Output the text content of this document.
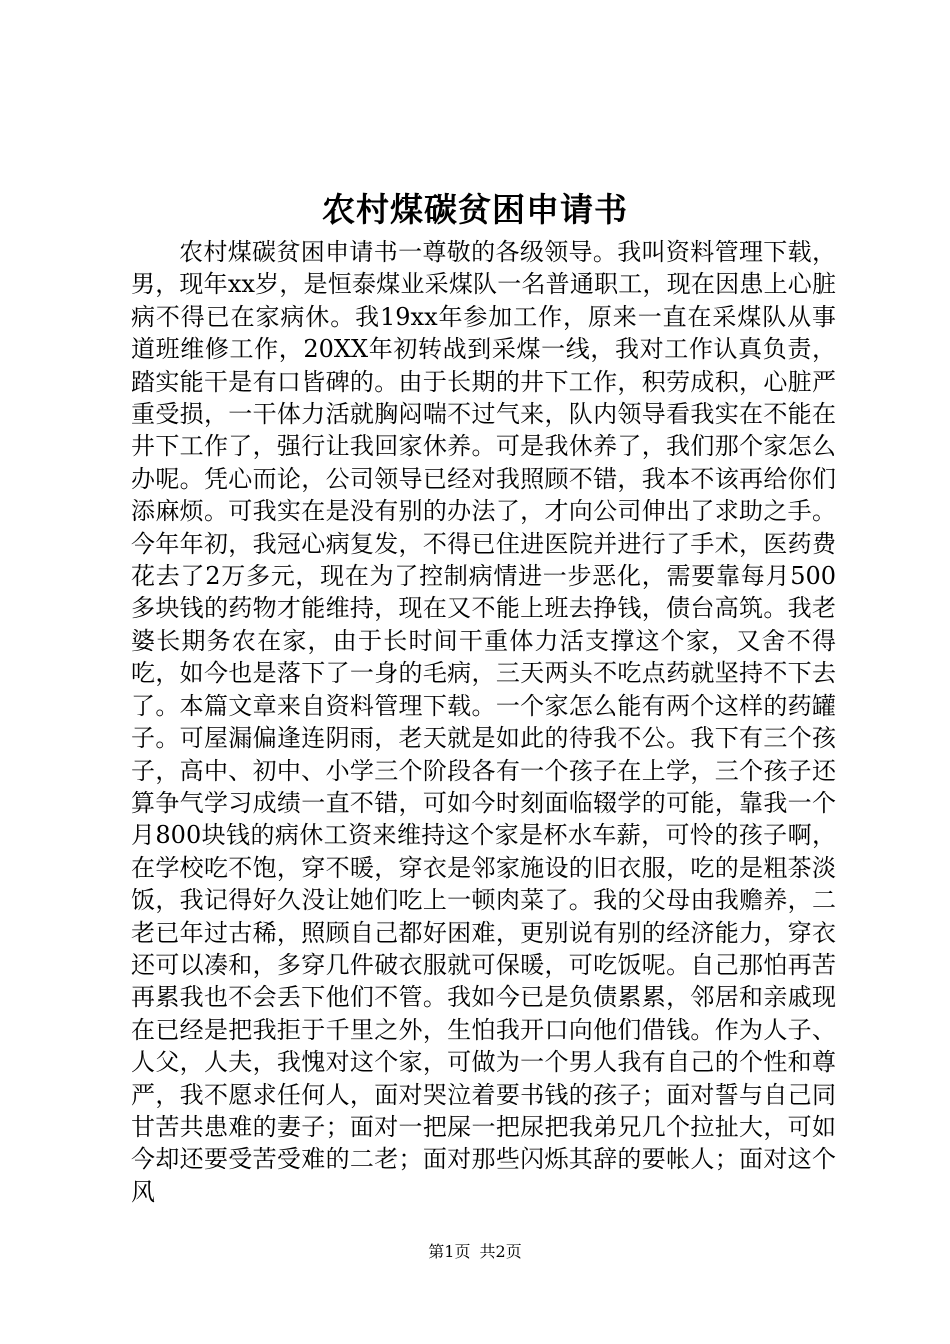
农村煤碳贫困申请书

农村煤碳贫困申请书一尊敬的各级领导。我叫资料管理下载，男，现年xx岁，是恒泰煤业采煤队一名普通职工，现在因患上心脏病不得已在家病休。我19xx年参加工作，原来一直在采煤队从事道班维修工作，20XX年初转战到采煤一线，我对工作认真负责，踏实能干是有口皆碑的。由于长期的井下工作，积劳成积，心脏严重受损，一干体力活就胸闷喘不过气来，队内领导看我实在不能在井下工作了，强行让我回家休养。可是我休养了，我们那个家怎么办呢。凭心而论，公司领导已经对我照顾不错，我本不该再给你们添麻烦。可我实在是没有别的办法了，才向公司伸出了求助之手。今年年初，我冠心病复发，不得已住进医院并进行了手术，医药费花去了2万多元，现在为了控制病情进一步恶化，需要靠每月500多块钱的药物才能维持，现在又不能上班去挣钱，债台高筑。我老婆长期务农在家，由于长时间干重体力活支撑这个家，又舍不得吃，如今也是落下了一身的毛病，三天两头不吃点药就坚持不下去了。本篇文章来自资料管理下载。一个家怎么能有两个这样的药罐子。可屋漏偏逢连阴雨，老天就是如此的待我不公。我下有三个孩子，高中、初中、小学三个阶段各有一个孩子在上学，三个孩子还算争气学习成绩一直不错，可如今时刻面临辍学的可能，靠我一个月800块钱的病休工资来维持这个家是杯水车薪，可怜的孩子啊，在学校吃不饱，穿不暖，穿衣是邻家施设的旧衣服，吃的是粗茶淡饭，我记得好久没让她们吃上一顿肉菜了。我的父母由我赡养，二老已年过古稀，照顾自己都好困难，更别说有别的经济能力，穿衣还可以凑和，多穿几件破衣服就可保暖，可吃饭呢。自己那怕再苦再累我也不会丢下他们不管。我如今已是负债累累，邻居和亲戚现在已经是把我拒于千里之外，生怕我开口向他们借钱。作为人子、人父，人夫，我愧对这个家，可做为一个男人我有自己的个性和尊严，我不愿求任何人，面对哭泣着要书钱的孩子；面对誓与自己同甘苦共患难的妻子；面对一把屎一把尿把我弟兄几个拉扯大，可如今却还要受苦受难的二老；面对那些闪烁其辞的要帐人；面对这个风

第1页 共2页
